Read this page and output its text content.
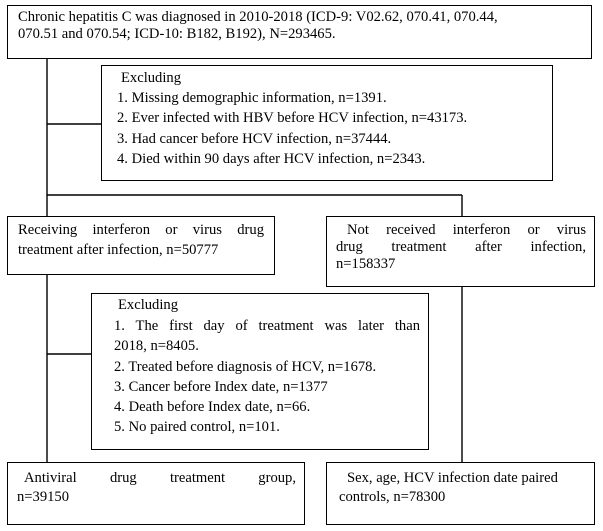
Chronic hepatitis C was diagnosed in 2010-2018 (ICD-9: V02.62, 070.41, 070.44,
070.51 and 070.54; ICD-10: B182, B192), N=293465.
Excluding
1. Missing demographic information, n=1391.
2. Ever infected with HBV before HCV infection, n=43173.
3. Had cancer before HCV infection, n=37444.
4. Died within 90 days after HCV infection, n=2343.
Receiving interferon or virus drug
treatment after infection, n=50777
Not received interferon or virus
drug treatment after infection,
n=158337
Excluding
1. The first day of treatment was later than
2018, n=8405.
2. Treated before diagnosis of HCV, n=1678.
3. Cancer before Index date, n=1377
4. Death before Index date, n=66.
5. No paired control, n=101.
Antiviral drug treatment group,
n=39150
Sex, age, HCV infection date paired
controls, n=78300
